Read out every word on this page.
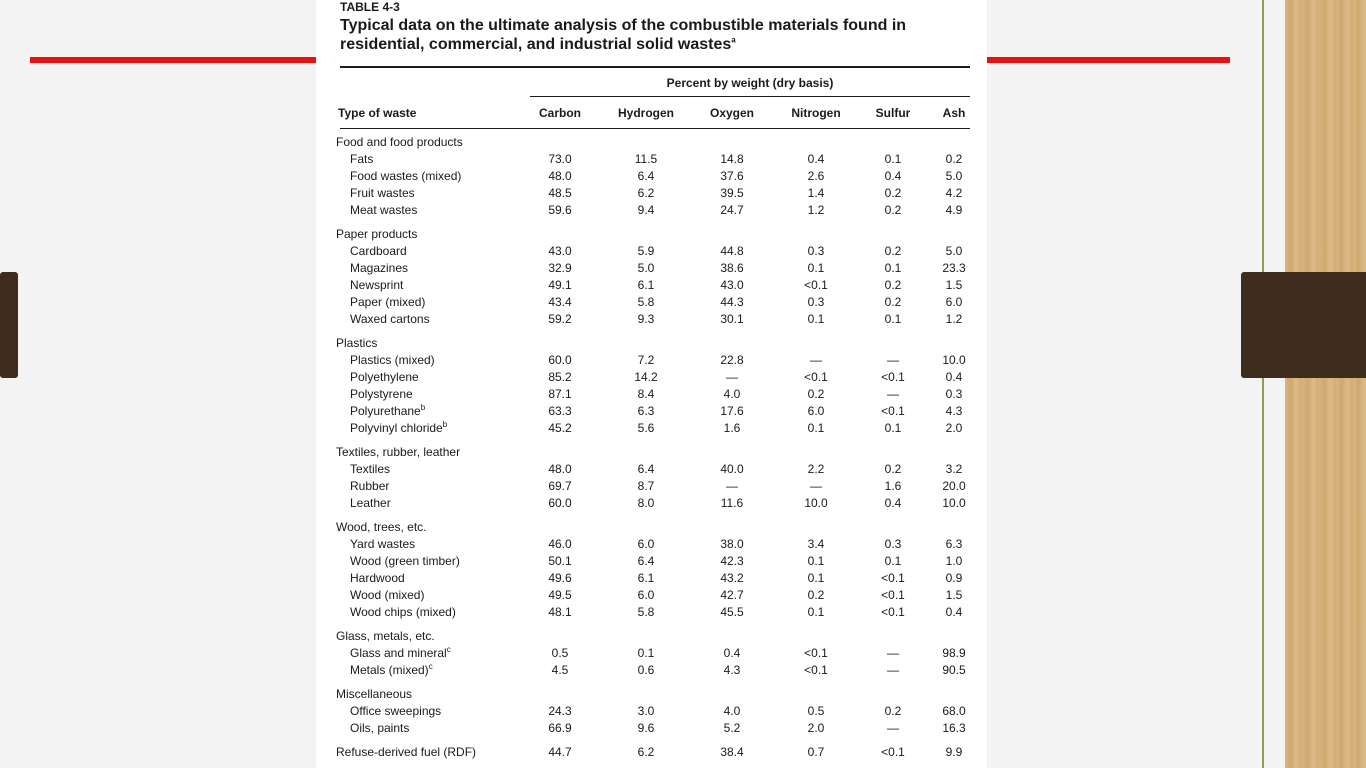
TABLE 4-3
Typical data on the ultimate analysis of the combustible materials found in residential, commercial, and industrial solid wastes$^a$
Percent by weight (dry basis)
Type of waste	Carbon	Hydrogen	Oxygen	Nitrogen	Sulfur	Ash
Food and food products
Fats	73.0	11.5	14.8	0.4	0.1	0.2
Food wastes (mixed)	48.0	6.4	37.6	2.6	0.4	5.0
Fruit wastes	48.5	6.2	39.5	1.4	0.2	4.2
Meat wastes	59.6	9.4	24.7	1.2	0.2	4.9
Paper products
Cardboard	43.0	5.9	44.8	0.3	0.2	5.0
Magazines	32.9	5.0	38.6	0.1	0.1	23.3
Newsprint	49.1	6.1	43.0	<0.1	0.2	1.5
Paper (mixed)	43.4	5.8	44.3	0.3	0.2	6.0
Waxed cartons	59.2	9.3	30.1	0.1	0.1	1.2
Plastics
Plastics (mixed)	60.0	7.2	22.8	—	—	10.0
Polyethylene	85.2	14.2	—	<0.1	<0.1	0.4
Polystyrene	87.1	8.4	4.0	0.2	—	0.3
Polyurethane$^b$	63.3	6.3	17.6	6.0	<0.1	4.3
Polyvinyl chloride$^b$	45.2	5.6	1.6	0.1	0.1	2.0
Textiles, rubber, leather
Textiles	48.0	6.4	40.0	2.2	0.2	3.2
Rubber	69.7	8.7	—	—	1.6	20.0
Leather	60.0	8.0	11.6	10.0	0.4	10.0
Wood, trees, etc.
Yard wastes	46.0	6.0	38.0	3.4	0.3	6.3
Wood (green timber)	50.1	6.4	42.3	0.1	0.1	1.0
Hardwood	49.6	6.1	43.2	0.1	<0.1	0.9
Wood (mixed)	49.5	6.0	42.7	0.2	<0.1	1.5
Wood chips (mixed)	48.1	5.8	45.5	0.1	<0.1	0.4
Glass, metals, etc.
Glass and mineral$^c$	0.5	0.1	0.4	<0.1	—	98.9
Metals (mixed)$^c$	4.5	0.6	4.3	<0.1	—	90.5
Miscellaneous
Office sweepings	24.3	3.0	4.0	0.5	0.2	68.0
Oils, paints	66.9	9.6	5.2	2.0	—	16.3
Refuse-derived fuel (RDF)	44.7	6.2	38.4	0.7	<0.1	9.9
